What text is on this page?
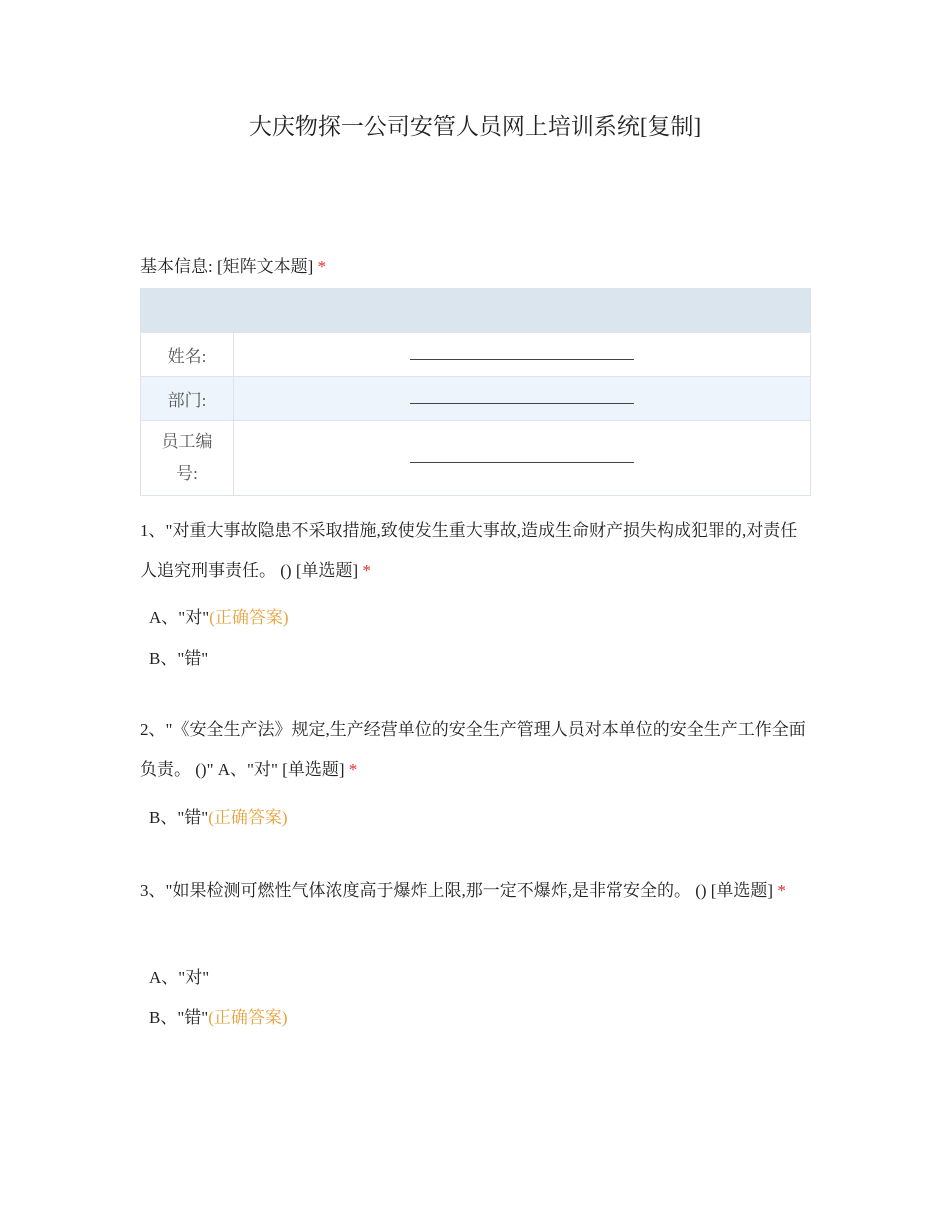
大庆物探一公司安管人员网上培训系统[复制]
基本信息: [矩阵文本题] *

姓名:	
部门:	

员工编号:	

1、"对重大事故隐患不采取措施,致使发生重大事故,造成生命财产损失构成犯罪的,对责任人追究刑事责任。 () [单选题] *
A、"对"(正确答案)
B、"错"
2、"《安全生产法》规定,生产经营单位的安全生产管理人员对本单位的安全生产工作全面负责。 ()" A、"对" [单选题] *
B、"错"(正确答案)
3、"如果检测可燃性气体浓度高于爆炸上限,那一定不爆炸,是非常安全的。 () [单选题] *
A、"对"
B、"错"(正确答案)
